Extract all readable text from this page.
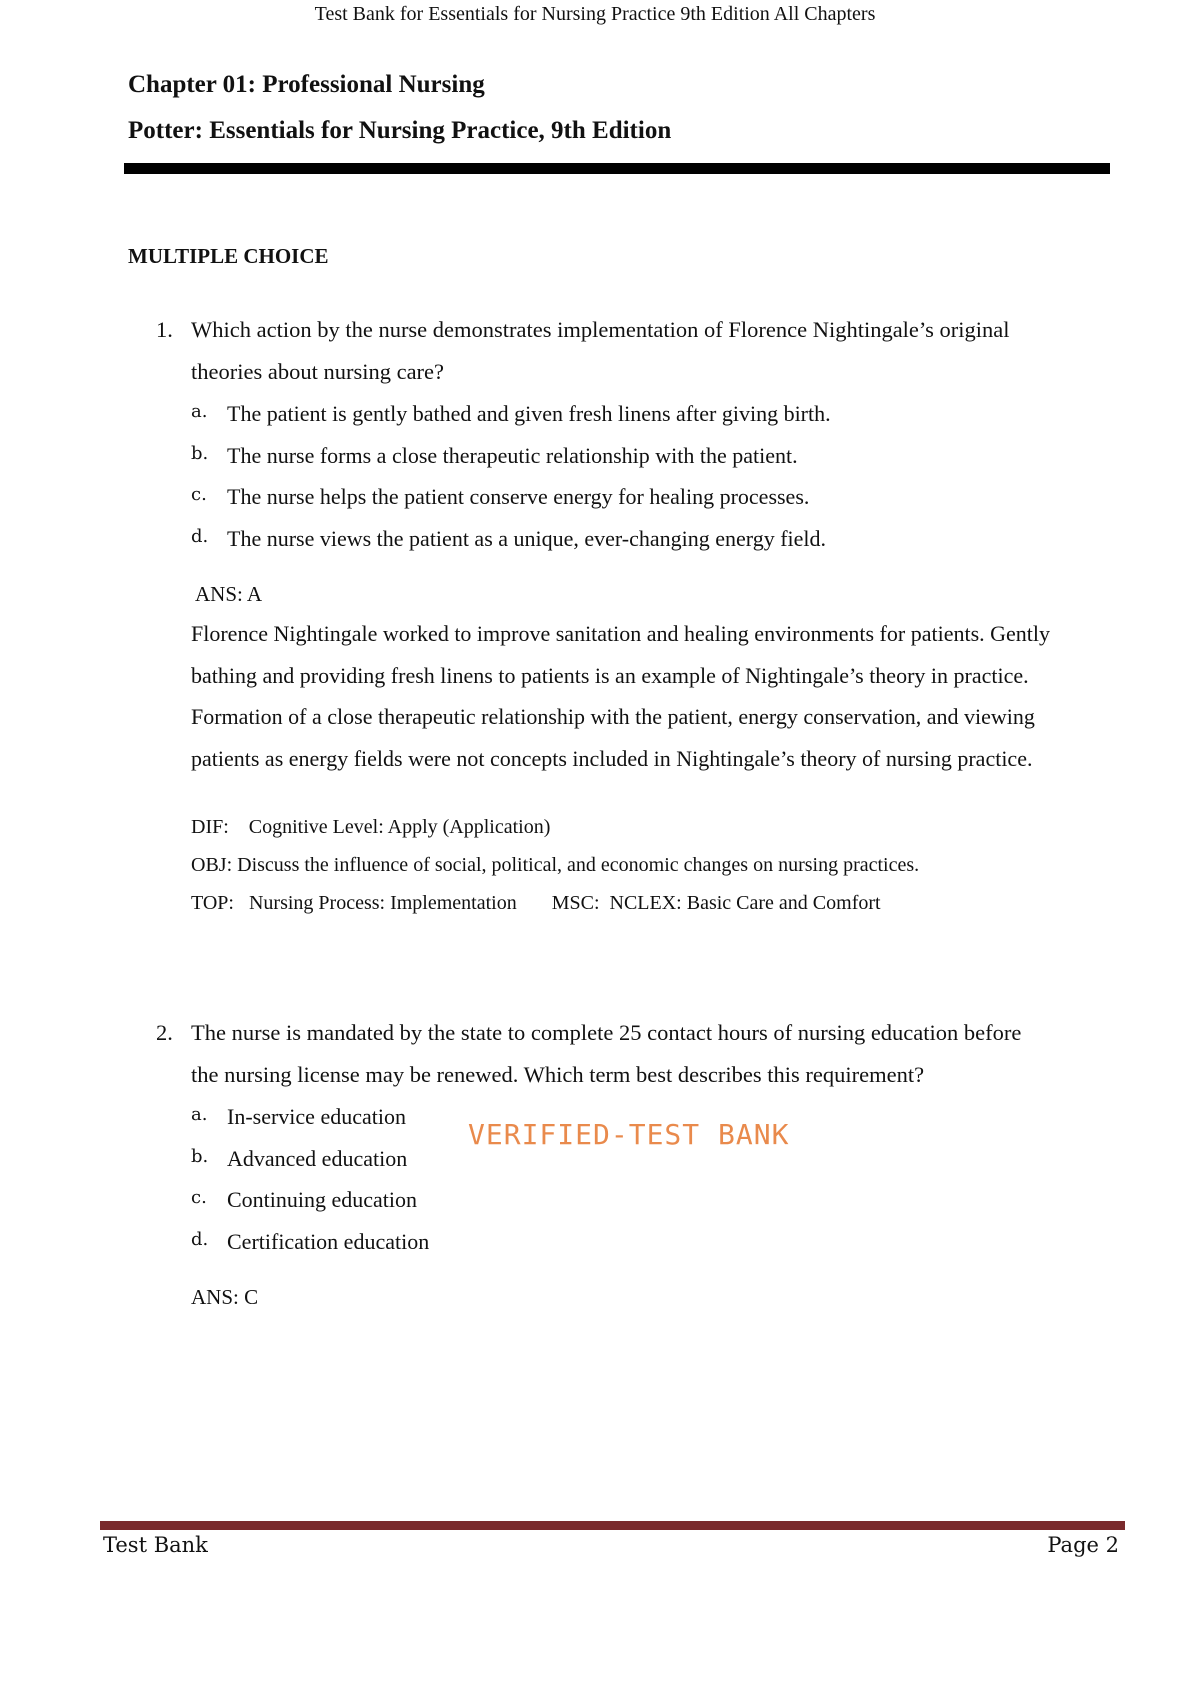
Test Bank for Essentials for Nursing Practice 9th Edition All Chapters
Chapter 01: Professional Nursing
Potter: Essentials for Nursing Practice, 9th Edition
MULTIPLE CHOICE
1. Which action by the nurse demonstrates implementation of Florence Nightingale’s original
theories about nursing care?
a. The patient is gently bathed and given fresh linens after giving birth.
b. The nurse forms a close therapeutic relationship with the patient.
c. The nurse helps the patient conserve energy for healing processes.
d. The nurse views the patient as a unique, ever-changing energy field.
ANS: A
Florence Nightingale worked to improve sanitation and healing environments for patients. Gently bathing and providing fresh linens to patients is an example of Nightingale’s theory in practice. Formation of a close therapeutic relationship with the patient, energy conservation, and viewing patients as energy fields were not concepts included in Nightingale’s theory of nursing practice.
DIF:    Cognitive Level: Apply (Application)
OBJ: Discuss the influence of social, political, and economic changes on nursing practices.
TOP:   Nursing Process: Implementation MSC:  NCLEX: Basic Care and Comfort
2. The nurse is mandated by the state to complete 25 contact hours of nursing education before
the nursing license may be renewed. Which term best describes this requirement?
a. In-service education
b. Advanced education
c. Continuing education
d. Certification education
ANS: C
VERIFIED-TEST BANK
Test Bank	Page 2
